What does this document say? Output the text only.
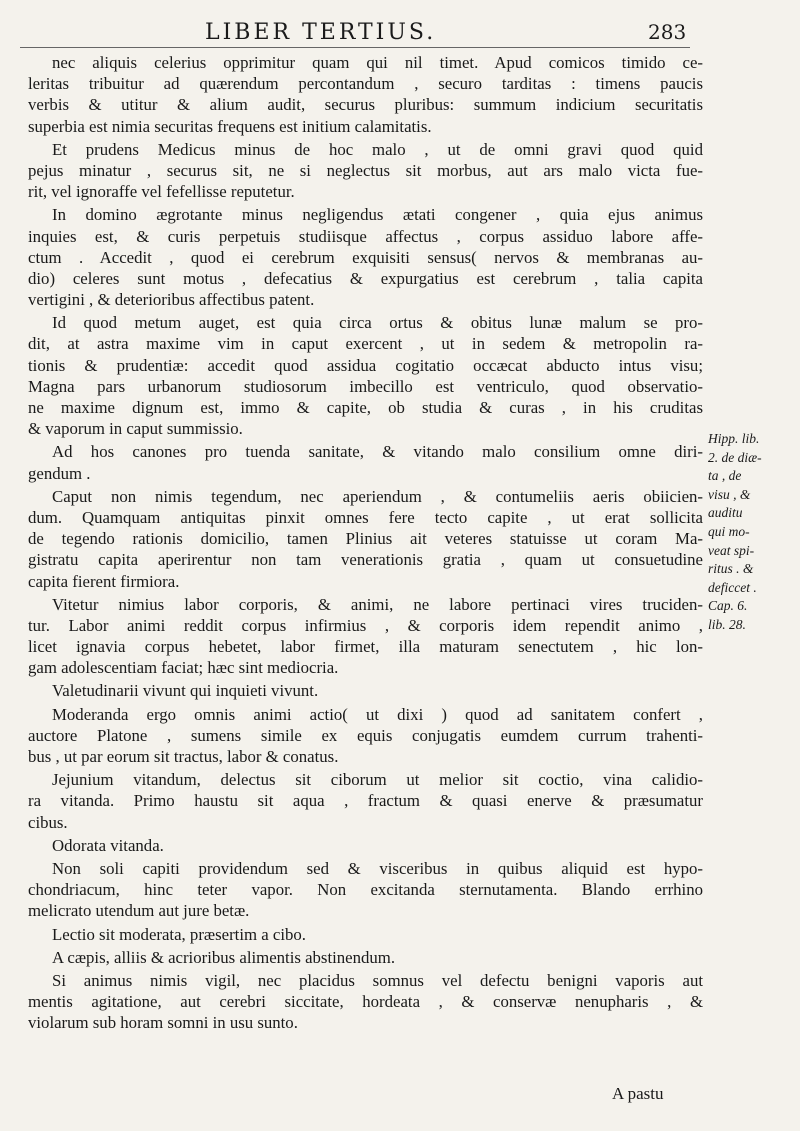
LIBER TERTIUS.	283
nec aliquis celerius opprimitur quam qui nil timet. Apud comicos timido ce-
leritas tribuitur ad quærendum percontandum , securo tarditas : timens paucis
verbis & utitur & alium audit, securus pluribus: summum indicium securitatis
superbia est nimia securitas frequens est initium calamitatis.
Et prudens Medicus minus de hoc malo , ut de omni gravi quod quid
pejus minatur , securus sit, ne si neglectus sit morbus, aut ars malo victa fue-
rit, vel ignoraffe vel fefellisse reputetur.
In domino ægrotante minus negligendus ætati congener , quia ejus animus
inquies est, & curis perpetuis studiisque affectus , corpus assiduo labore affe-
ctum . Accedit , quod ei cerebrum exquisiti sensus( nervos & membranas au-
dio) celeres sunt motus , defecatius & expurgatius est cerebrum , talia capita
vertigini , & deterioribus affectibus patent.
Id quod metum auget, est quia circa ortus & obitus lunæ malum se pro-
dit, at astra maxime vim in caput exercent , ut in sedem & metropolin ra-
tionis & prudentiæ: accedit quod assidua cogitatio occæcat abducto intus visu;
Magna pars urbanorum studiosorum imbecillo est ventriculo, quod observatio-
ne maxime dignum est, immo & capite, ob studia & curas , in his cruditas
& vaporum in caput summissio.
Ad hos canones pro tuenda sanitate, & vitando malo consilium omne diri-
gendum .
Caput non nimis tegendum, nec aperiendum , & contumeliis aeris obiicien-
dum. Quamquam antiquitas pinxit omnes fere tecto capite , ut erat sollicita
de tegendo rationis domicilio, tamen Plinius ait veteres statuisse ut coram Ma-
gistratu capita aperirentur non tam venerationis gratia , quam ut consuetudine
capita fierent firmiora.
Vitetur nimius labor corporis, & animi, ne labore pertinaci vires truciden-
tur. Labor animi reddit corpus infirmius , & corporis idem rependit animo ,
licet ignavia corpus hebetet, labor firmet, illa maturam senectutem , hic lon-
gam adolescentiam faciat; hæc sint mediocria.
Valetudinarii vivunt qui inquieti vivunt.
Moderanda ergo omnis animi actio( ut dixi ) quod ad sanitatem confert ,
auctore Platone , sumens simile ex equis conjugatis eumdem currum trahenti-
bus , ut par eorum sit tractus, labor & conatus.
Jejunium vitandum, delectus sit ciborum ut melior sit coctio, vina calidio-
ra vitanda. Primo haustu sit aqua , fractum & quasi enerve & præsumatur
cibus.
Odorata vitanda.
Non soli capiti providendum sed & visceribus in quibus aliquid est hypo-
chondriacum, hinc teter vapor. Non excitanda sternutamenta. Blando errhino
melicrato utendum aut jure betæ.
Lectio sit moderata, præsertim a cibo.
A cæpis, alliis & acrioribus alimentis abstinendum.
Si animus nimis vigil, nec placidus somnus vel defectu benigni vaporis aut
mentis agitatione, aut cerebri siccitate, hordeata , & conservæ nenupharis , &
violarum sub horam somni in usu sunto.
Hipp. lib.
2. de diæ-
ta , de
visu , &
auditu
qui mo-
veat spi-
ritus . &
deficcet .
Cap. 6.
lib. 28.
A pastu
